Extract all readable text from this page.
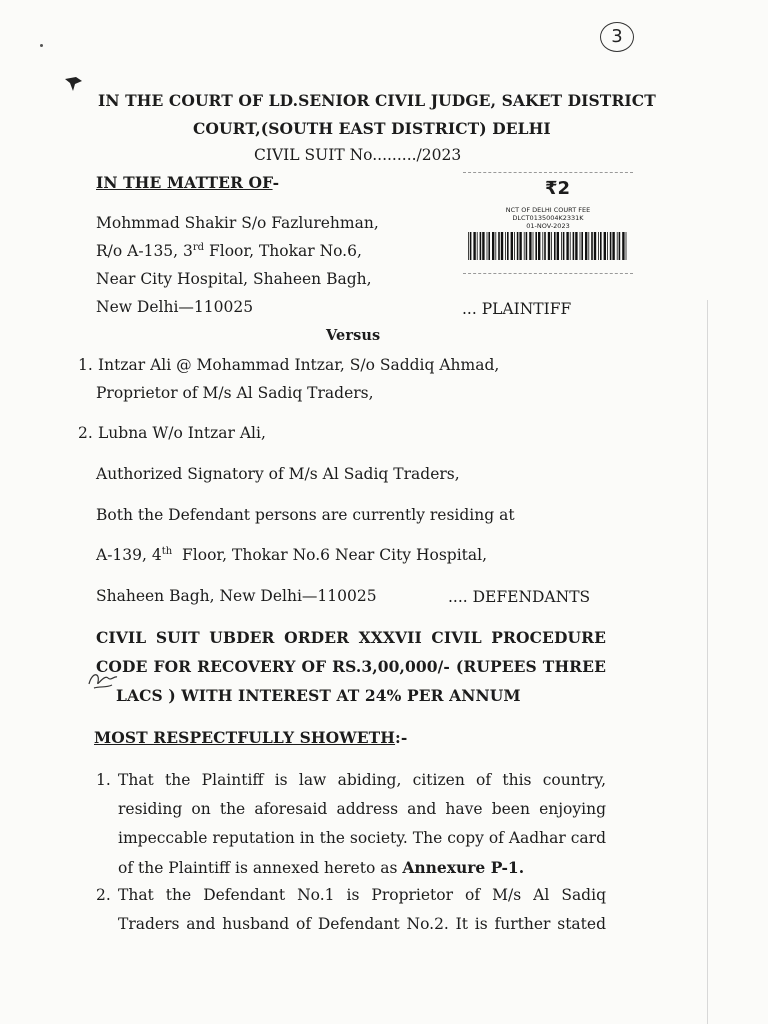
3
IN THE COURT OF LD.SENIOR CIVIL JUDGE, SAKET DISTRICT
COURT,(SOUTH EAST DISTRICT) DELHI
CIVIL SUIT No........./2023
₹2
NCT OF DELHI COURT FEE
DLCT0135004K2331K
01-NOV-2023
IN THE MATTER OF-
Mohmmad Shakir S/o Fazlurehman,
R/o A-135, 3rd Floor, Thokar No.6,
Near City Hospital, Shaheen Bagh,
New Delhi—110025	... PLAINTIFF
Versus
1. Intzar Ali @ Mohammad Intzar, S/o Saddiq Ahmad,
Proprietor of M/s Al Sadiq Traders,
2. Lubna W/o Intzar Ali,
Authorized Signatory of M/s Al Sadiq Traders,
Both the Defendant persons are currently residing at
A-139, 4th  Floor, Thokar No.6 Near City Hospital,
Shaheen Bagh, New Delhi—110025	.... DEFENDANTS
CIVIL SUIT UBDER ORDER XXXVII CIVIL PROCEDURE
CODE FOR RECOVERY OF RS.3,00,000/- (RUPEES THREE
LACS ) WITH INTEREST AT 24% PER ANNUM
MOST RESPECTFULLY SHOWETH:-
1. That the Plaintiff is law abiding, citizen of this country,
residing on the aforesaid address and have been enjoying
impeccable reputation in the society. The copy of Aadhar card
of the Plaintiff is annexed hereto as Annexure P-1.
2. That the Defendant No.1 is Proprietor of M/s Al Sadiq
Traders and husband of Defendant No.2. It is further stated
